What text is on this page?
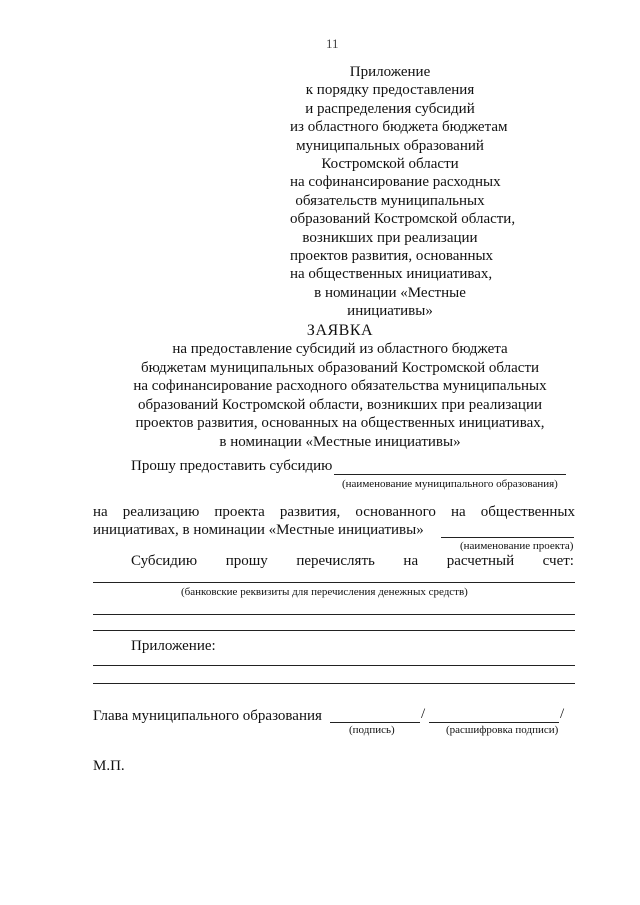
11
Приложение
к порядку предоставления
и распределения субсидий
из областного бюджета бюджетам
муниципальных образований
Костромской области
на софинансирование расходных
обязательств муниципальных
образований Костромской области,
возникших при реализации
проектов развития, основанных
на общественных инициативах,
в номинации «Местные
инициативы»
ЗАЯВКА
на предоставление субсидий из областного бюджета
бюджетам муниципальных образований Костромской области
на софинансирование расходного обязательства муниципальных
образований Костромской области, возникших при реализации
проектов развития, основанных на общественных инициативах,
в номинации «Местные инициативы»
Прошу предоставить субсидию
(наименование муниципального образования)
на реализацию проекта развития, основанного на общественных
инициативах, в номинации «Местные инициативы»
(наименование проекта)
Субсидию прошу перечислять на расчетный счет:
(банковские реквизиты для перечисления денежных средств)
Приложение:
Глава муниципального образования	/	/
(подпись)	(расшифровка подписи)
М.П.
